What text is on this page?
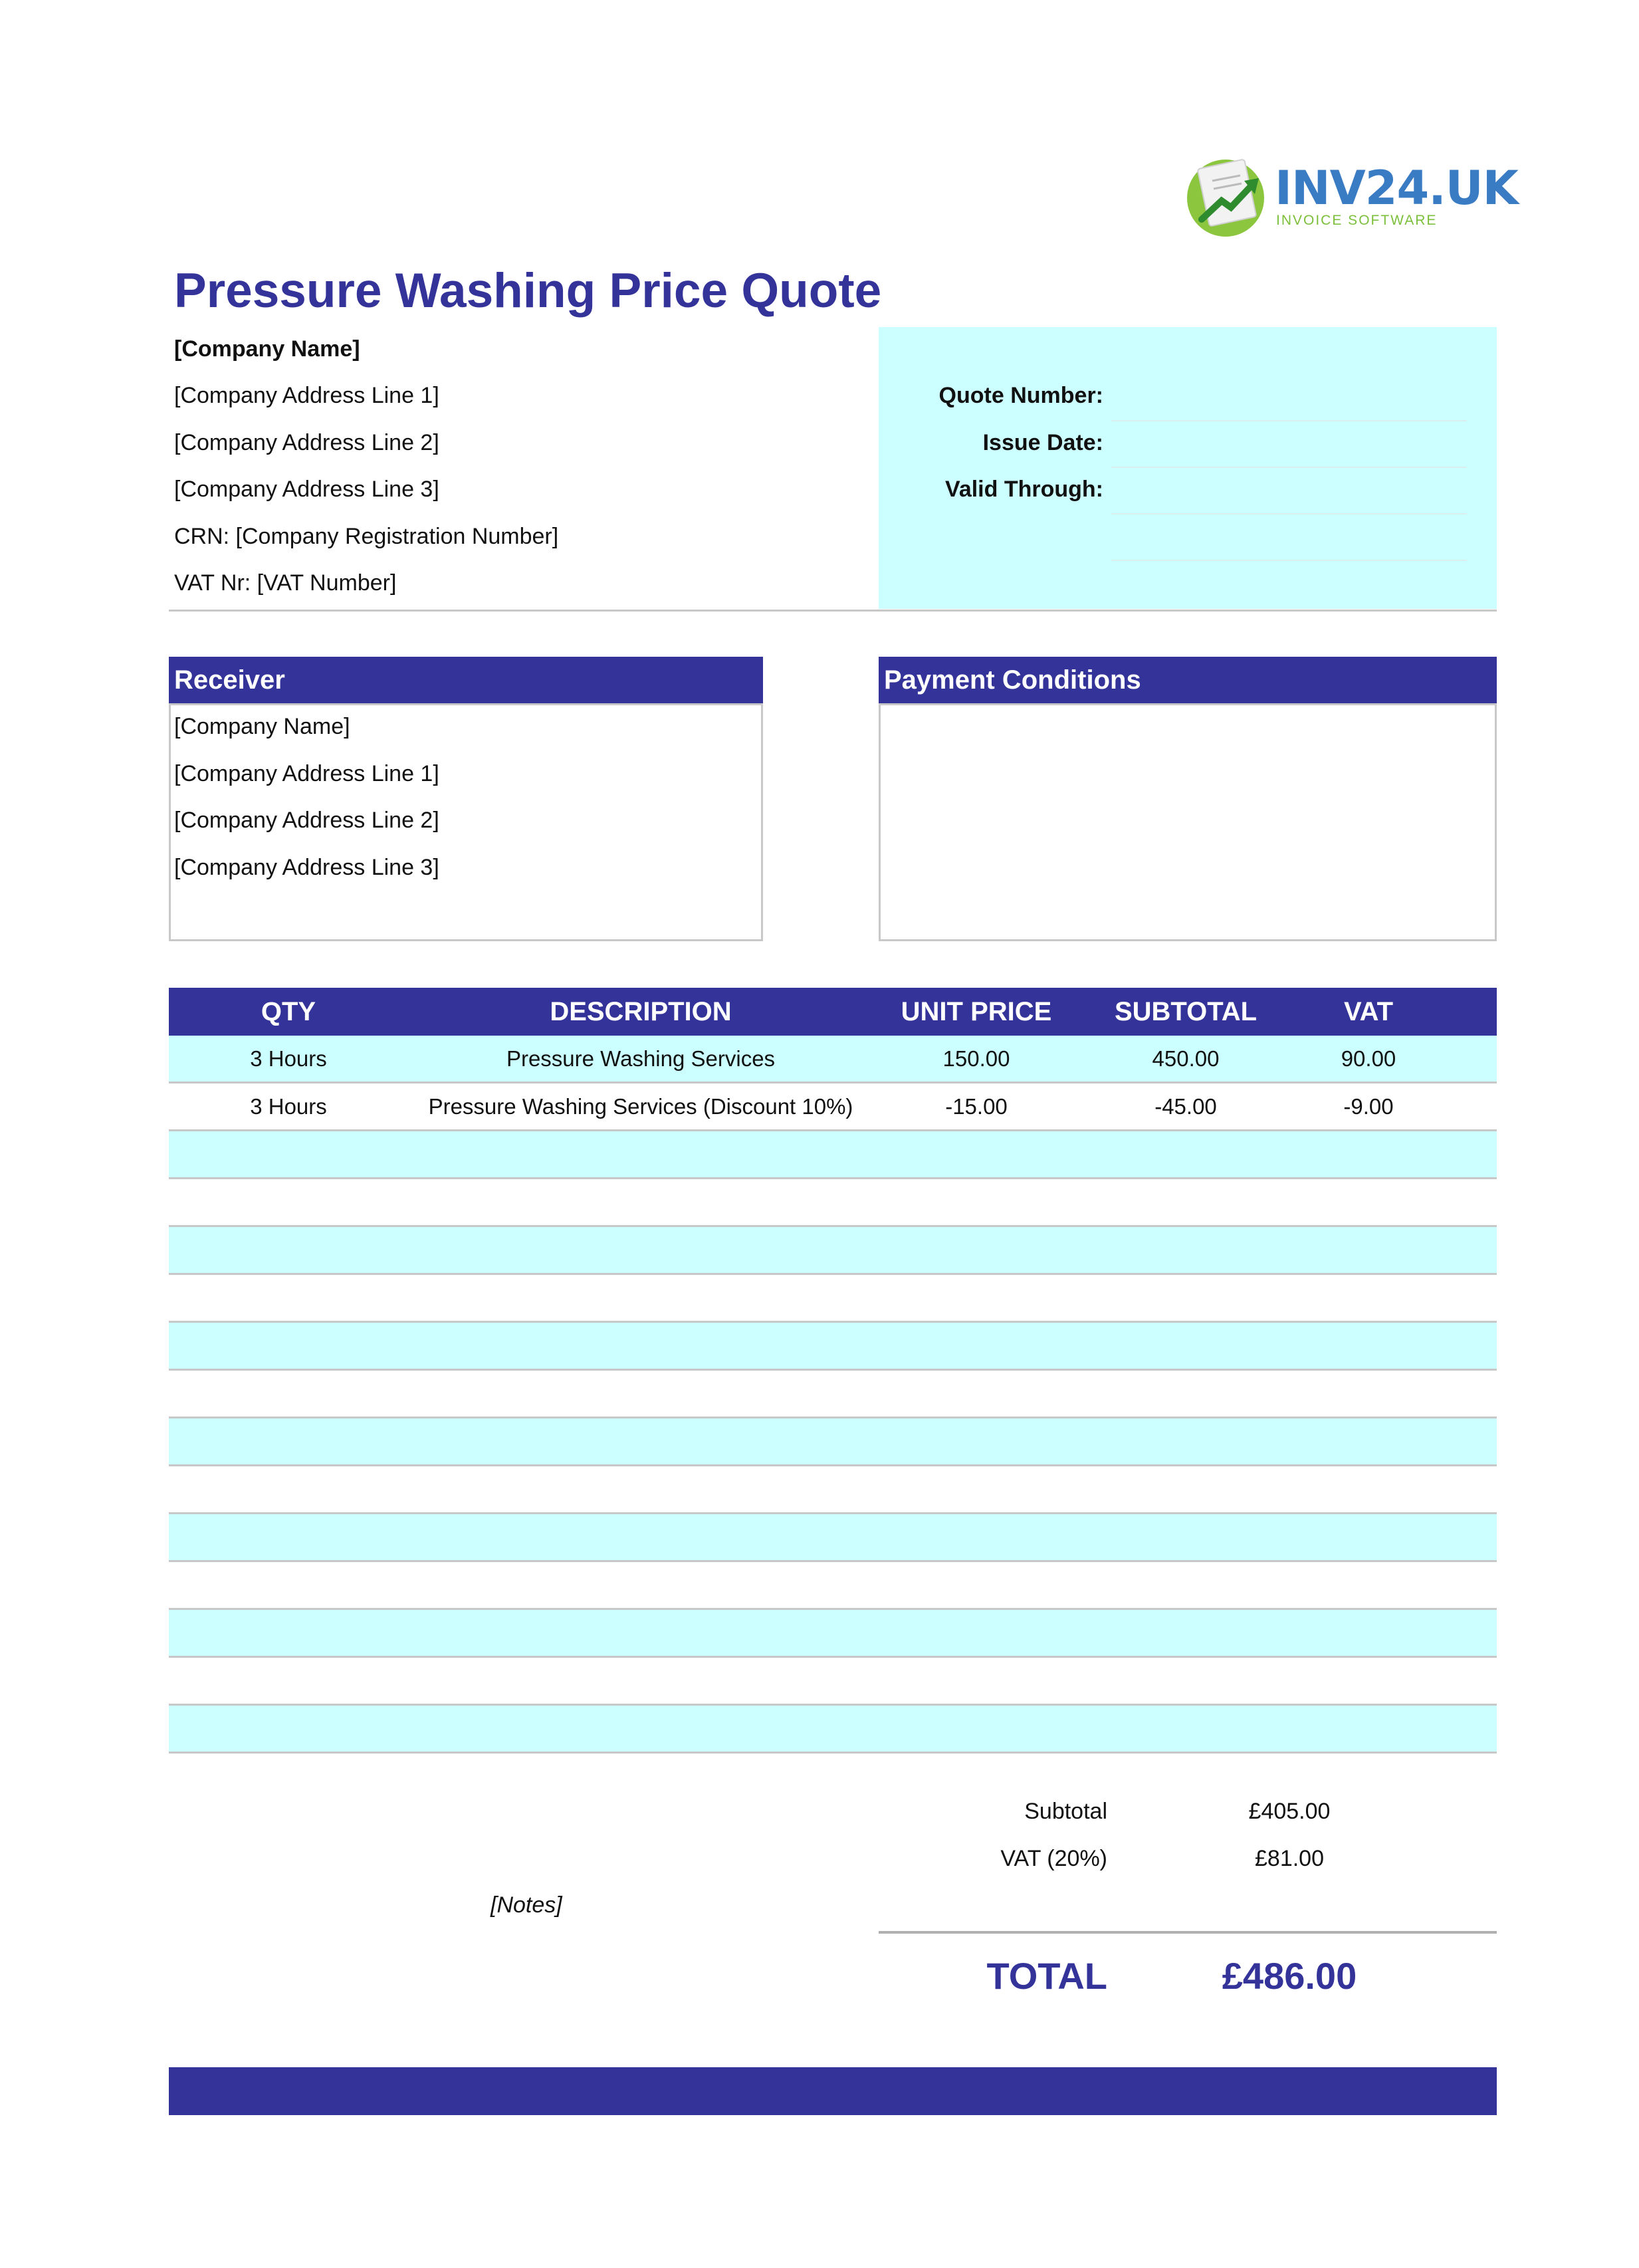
INV24.UK
INVOICE SOFTWARE
Pressure Washing Price Quote
[Company Name]
[Company Address Line 1]
[Company Address Line 2]
[Company Address Line 3]
CRN: [Company Registration Number]
VAT Nr: [VAT Number]
Quote Number:
Issue Date:
Valid Through:
Receiver
[Company Name]
[Company Address Line 1]
[Company Address Line 2]
[Company Address Line 3]
Payment Conditions
QTY	DESCRIPTION	UNIT PRICE	SUBTOTAL	VAT
3 Hours	Pressure Washing Services	150.00	450.00	90.00
3 Hours	Pressure Washing Services (Discount 10%)	-15.00	-45.00	-9.00
Subtotal	£405.00
VAT (20%)	£81.00
[Notes]
TOTAL	£486.00
